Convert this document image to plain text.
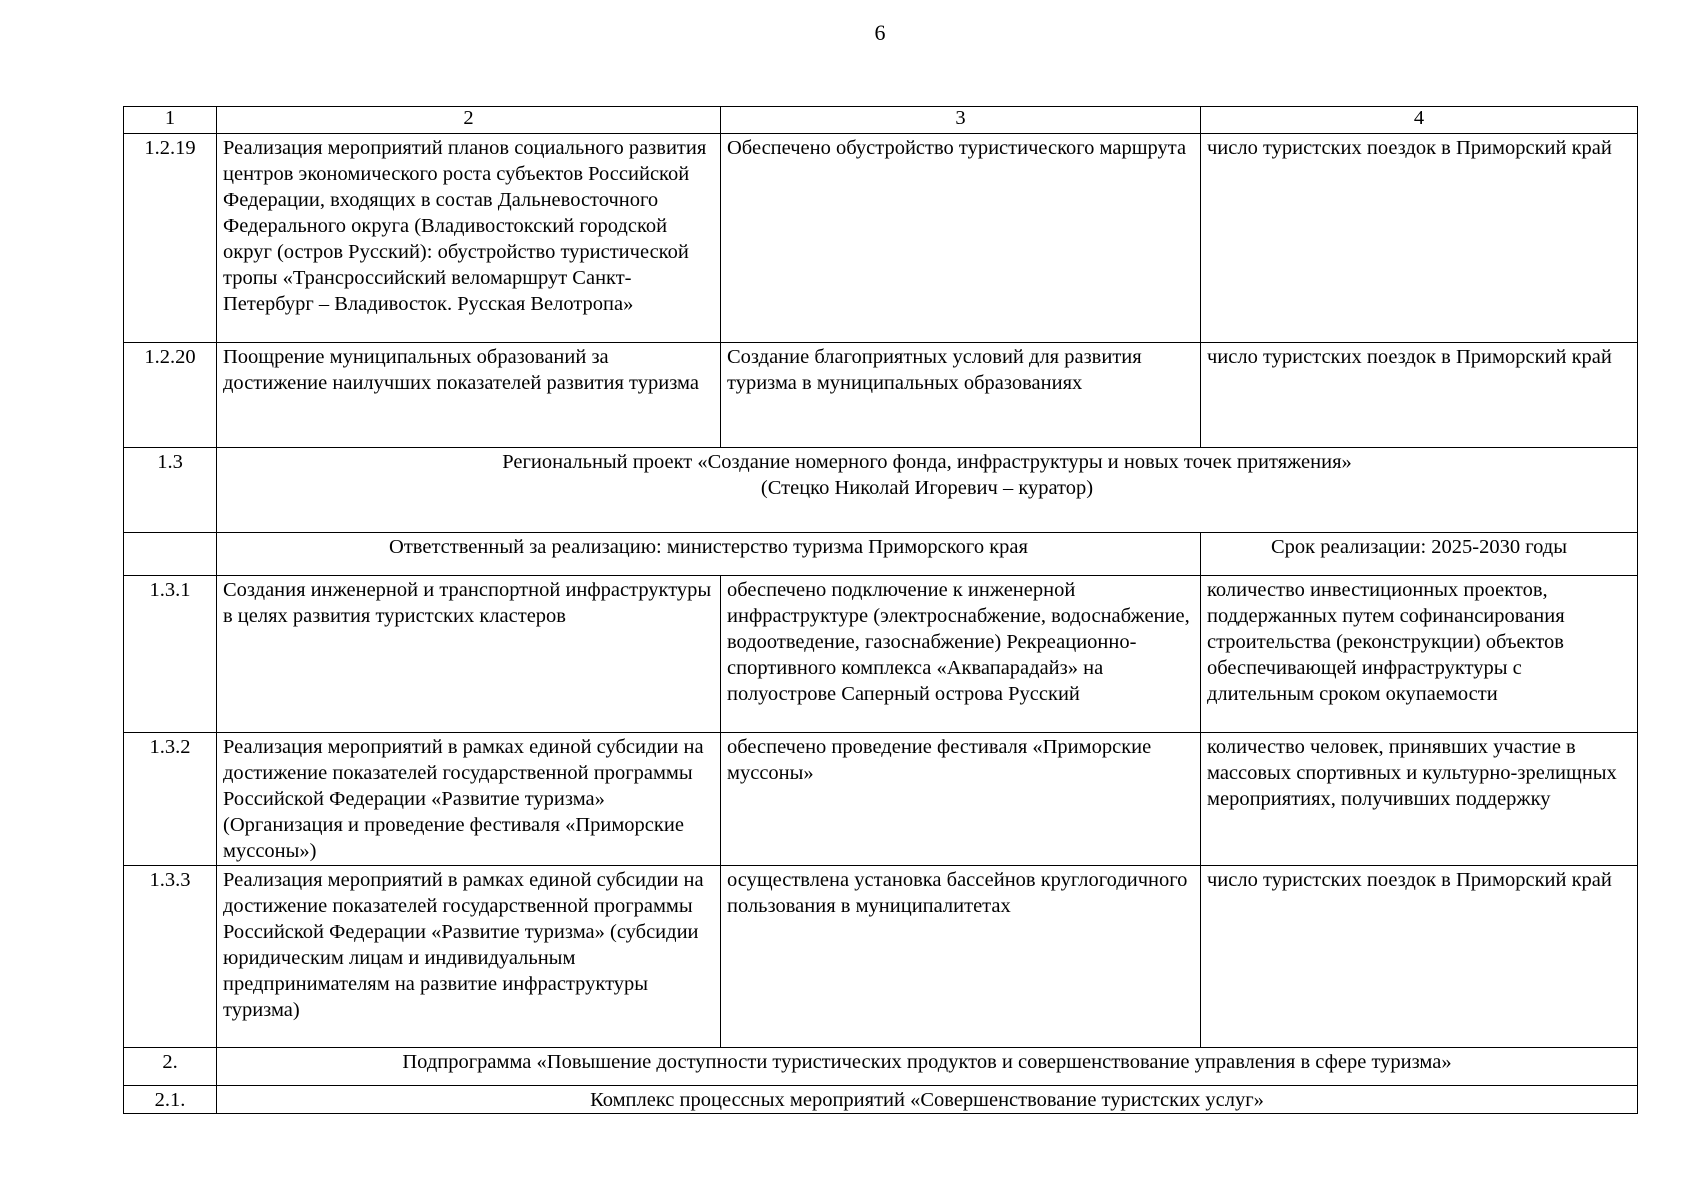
6
1	2	3	4
1.2.19	Реализация мероприятий планов социального развития центров экономического роста субъектов Российской Федерации, входящих в состав Дальневосточного Федерального округа (Владивостокский городской округ (остров Русский): обустройство туристической тропы «Трансроссийский веломаршрут Санкт-Петербург – Владивосток. Русская Велотропа»	Обеспечено обустройство туристического маршрута	число туристских поездок в Приморский край
1.2.20	Поощрение муниципальных образований за достижение наилучших показателей развития туризма	Создание благоприятных условий для развития туризма в муниципальных образованиях	число туристских поездок в Приморский край
1.3	Региональный проект «Создание номерного фонда, инфраструктуры и новых точек притяжения»
(Стецко Николай Игоревич – куратор)		

	Ответственный за реализацию: министерство туризма Приморского края		Срок реализации: 2025-2030 годы
1.3.1	Создания инженерной и транспортной инфраструктуры в целях развития туристских кластеров	обеспечено подключение к инженерной инфраструктуре (электроснабжение, водоснабжение, водоотведение, газоснабжение) Рекреационно-спортивного комплекса «Аквапарадайз» на полуострове Саперный острова Русский	количество инвестиционных проектов, поддержанных путем софинансирования строительства (реконструкции) объектов обеспечивающей инфраструктуры с длительным сроком окупаемости
1.3.2	Реализация мероприятий в рамках единой субсидии на достижение показателей государственной программы Российской Федерации «Развитие туризма» (Организация и проведение фестиваля «Приморские муссоны»)	обеспечено проведение фестиваля «Приморские муссоны»	количество человек, принявших участие в массовых спортивных и культурно-зрелищных мероприятиях, получивших поддержку
1.3.3	Реализация мероприятий в рамках единой субсидии на достижение показателей государственной программы Российской Федерации «Развитие туризма» (субсидии юридическим лицам и индивидуальным предпринимателям на развитие инфраструктуры туризма)	осуществлена установка бассейнов круглогодичного пользования в муниципалитетах	число туристских поездок в Приморский край
2.	Подпрограмма «Повышение доступности туристических продуктов и совершенствование управления в сфере туризма»		
2.1.	Комплекс процессных мероприятий «Совершенствование туристских услуг»		
